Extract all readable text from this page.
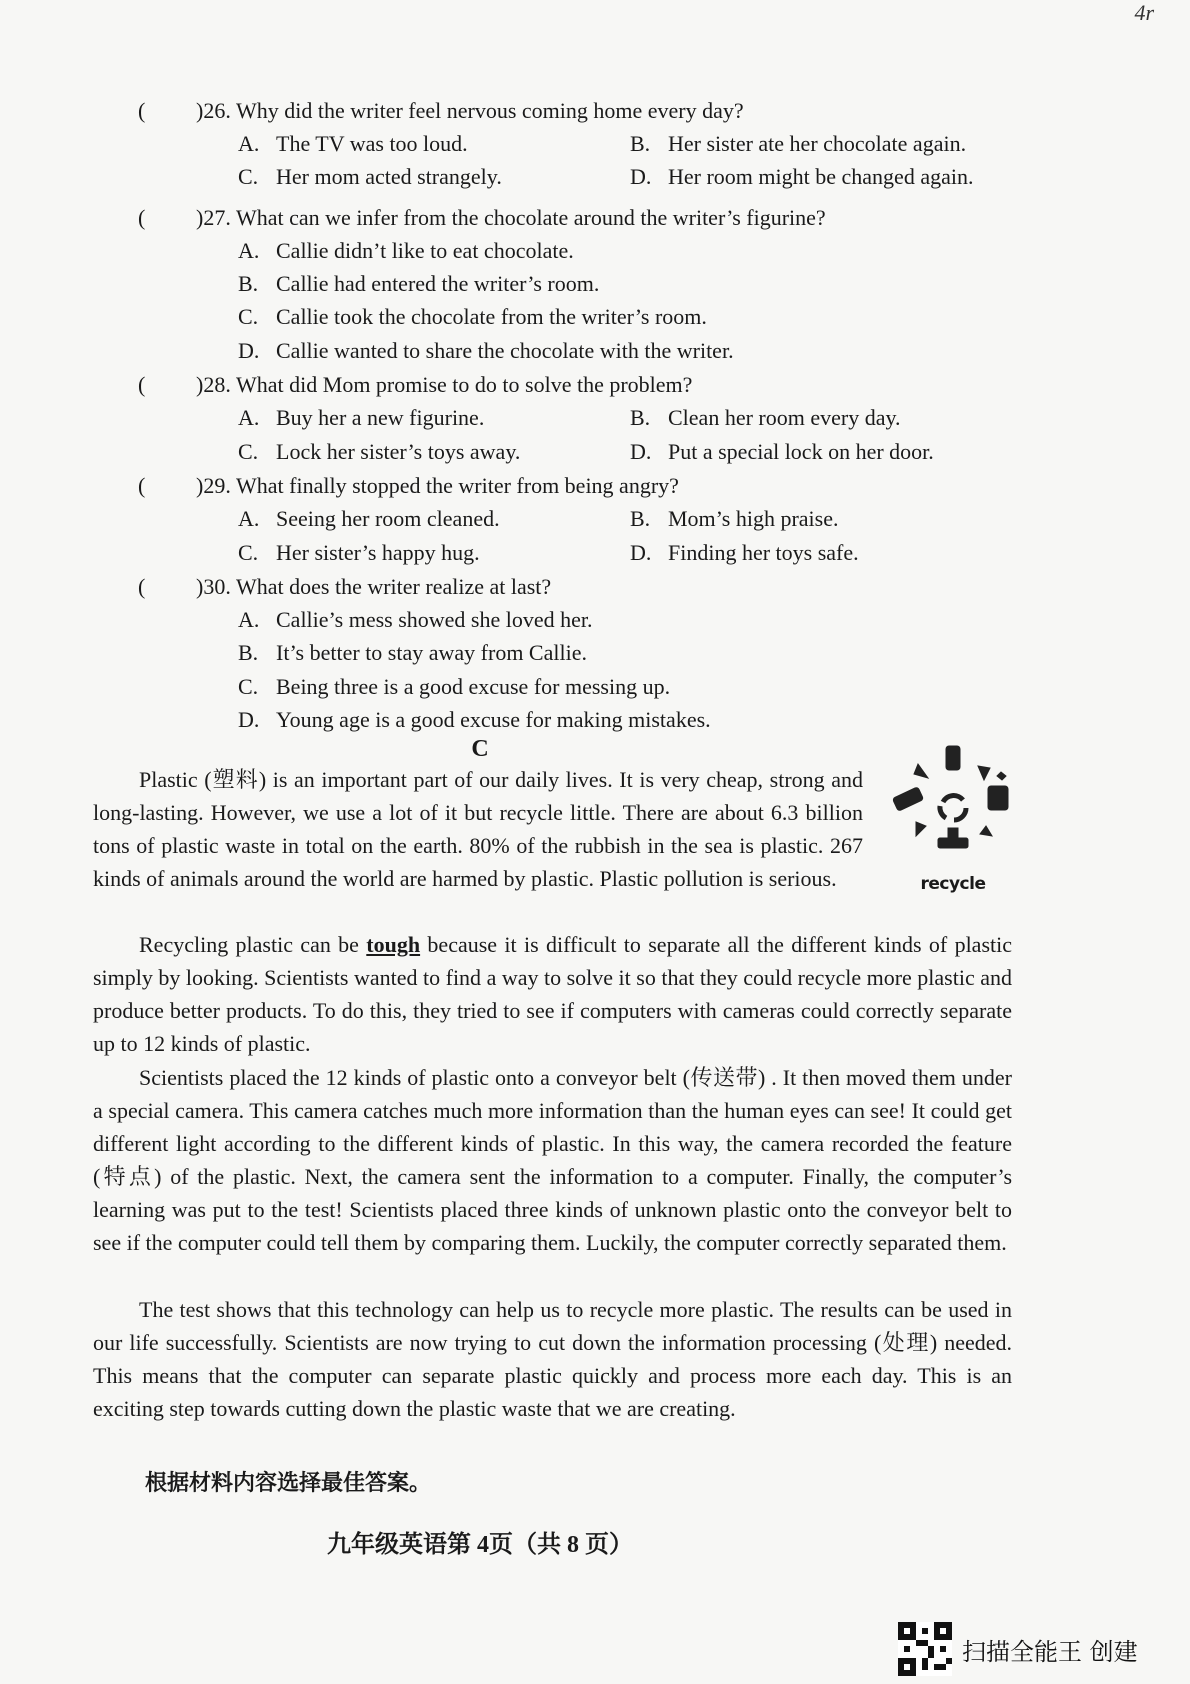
4r
( )26. Why did the writer feel nervous coming home every day?
A. The TV was too loud.	B. Her sister ate her chocolate again.
C. Her mom acted strangely.	D. Her room might be changed again.
( )27. What can we infer from the chocolate around the writer’s figurine?
A. Callie didn’t like to eat chocolate.
B. Callie had entered the writer’s room.
C. Callie took the chocolate from the writer’s room.
D. Callie wanted to share the chocolate with the writer.
( )28. What did Mom promise to do to solve the problem?
A. Buy her a new figurine.	B. Clean her room every day.
C. Lock her sister’s toys away.	D. Put a special lock on her door.
( )29. What finally stopped the writer from being angry?
A. Seeing her room cleaned.	B. Mom’s high praise.
C. Her sister’s happy hug.	D. Finding her toys safe.
( )30. What does the writer realize at last?
A. Callie’s mess showed she loved her.
B. It’s better to stay away from Callie.
C. Being three is a good excuse for messing up.
D. Young age is a good excuse for making mistakes.
C
recycle
Plastic (塑料) is an important part of our daily lives. It is very cheap, strong and long-lasting. However, we use a lot of it but recycle little. There are about 6.3 billion tons of plastic waste in total on the earth. 80% of the rubbish in the sea is plastic. 267 kinds of animals around the world are harmed by plastic. Plastic pollution is serious.
Recycling plastic can be tough because it is difficult to separate all the different kinds of plastic simply by looking. Scientists wanted to find a way to solve it so that they could recycle more plastic and produce better products. To do this, they tried to see if computers with cameras could correctly separate up to 12 kinds of plastic.
Scientists placed the 12 kinds of plastic onto a conveyor belt (传送带) . It then moved them under a special camera. This camera catches much more information than the human eyes can see! It could get different light according to the different kinds of plastic. In this way, the camera recorded the feature (特点) of the plastic. Next, the camera sent the information to a computer. Finally, the computer’s learning was put to the test! Scientists placed three kinds of unknown plastic onto the conveyor belt to see if the computer could tell them by comparing them. Luckily, the computer correctly separated them.
The test shows that this technology can help us to recycle more plastic. The results can be used in our life successfully. Scientists are now trying to cut down the information processing (处理) needed. This means that the computer can separate plastic quickly and process more each day. This is an exciting step towards cutting down the plastic waste that we are creating.
根据材料内容选择最佳答案。
九年级英语第 4页（共 8 页）
扫描全能王 创建
